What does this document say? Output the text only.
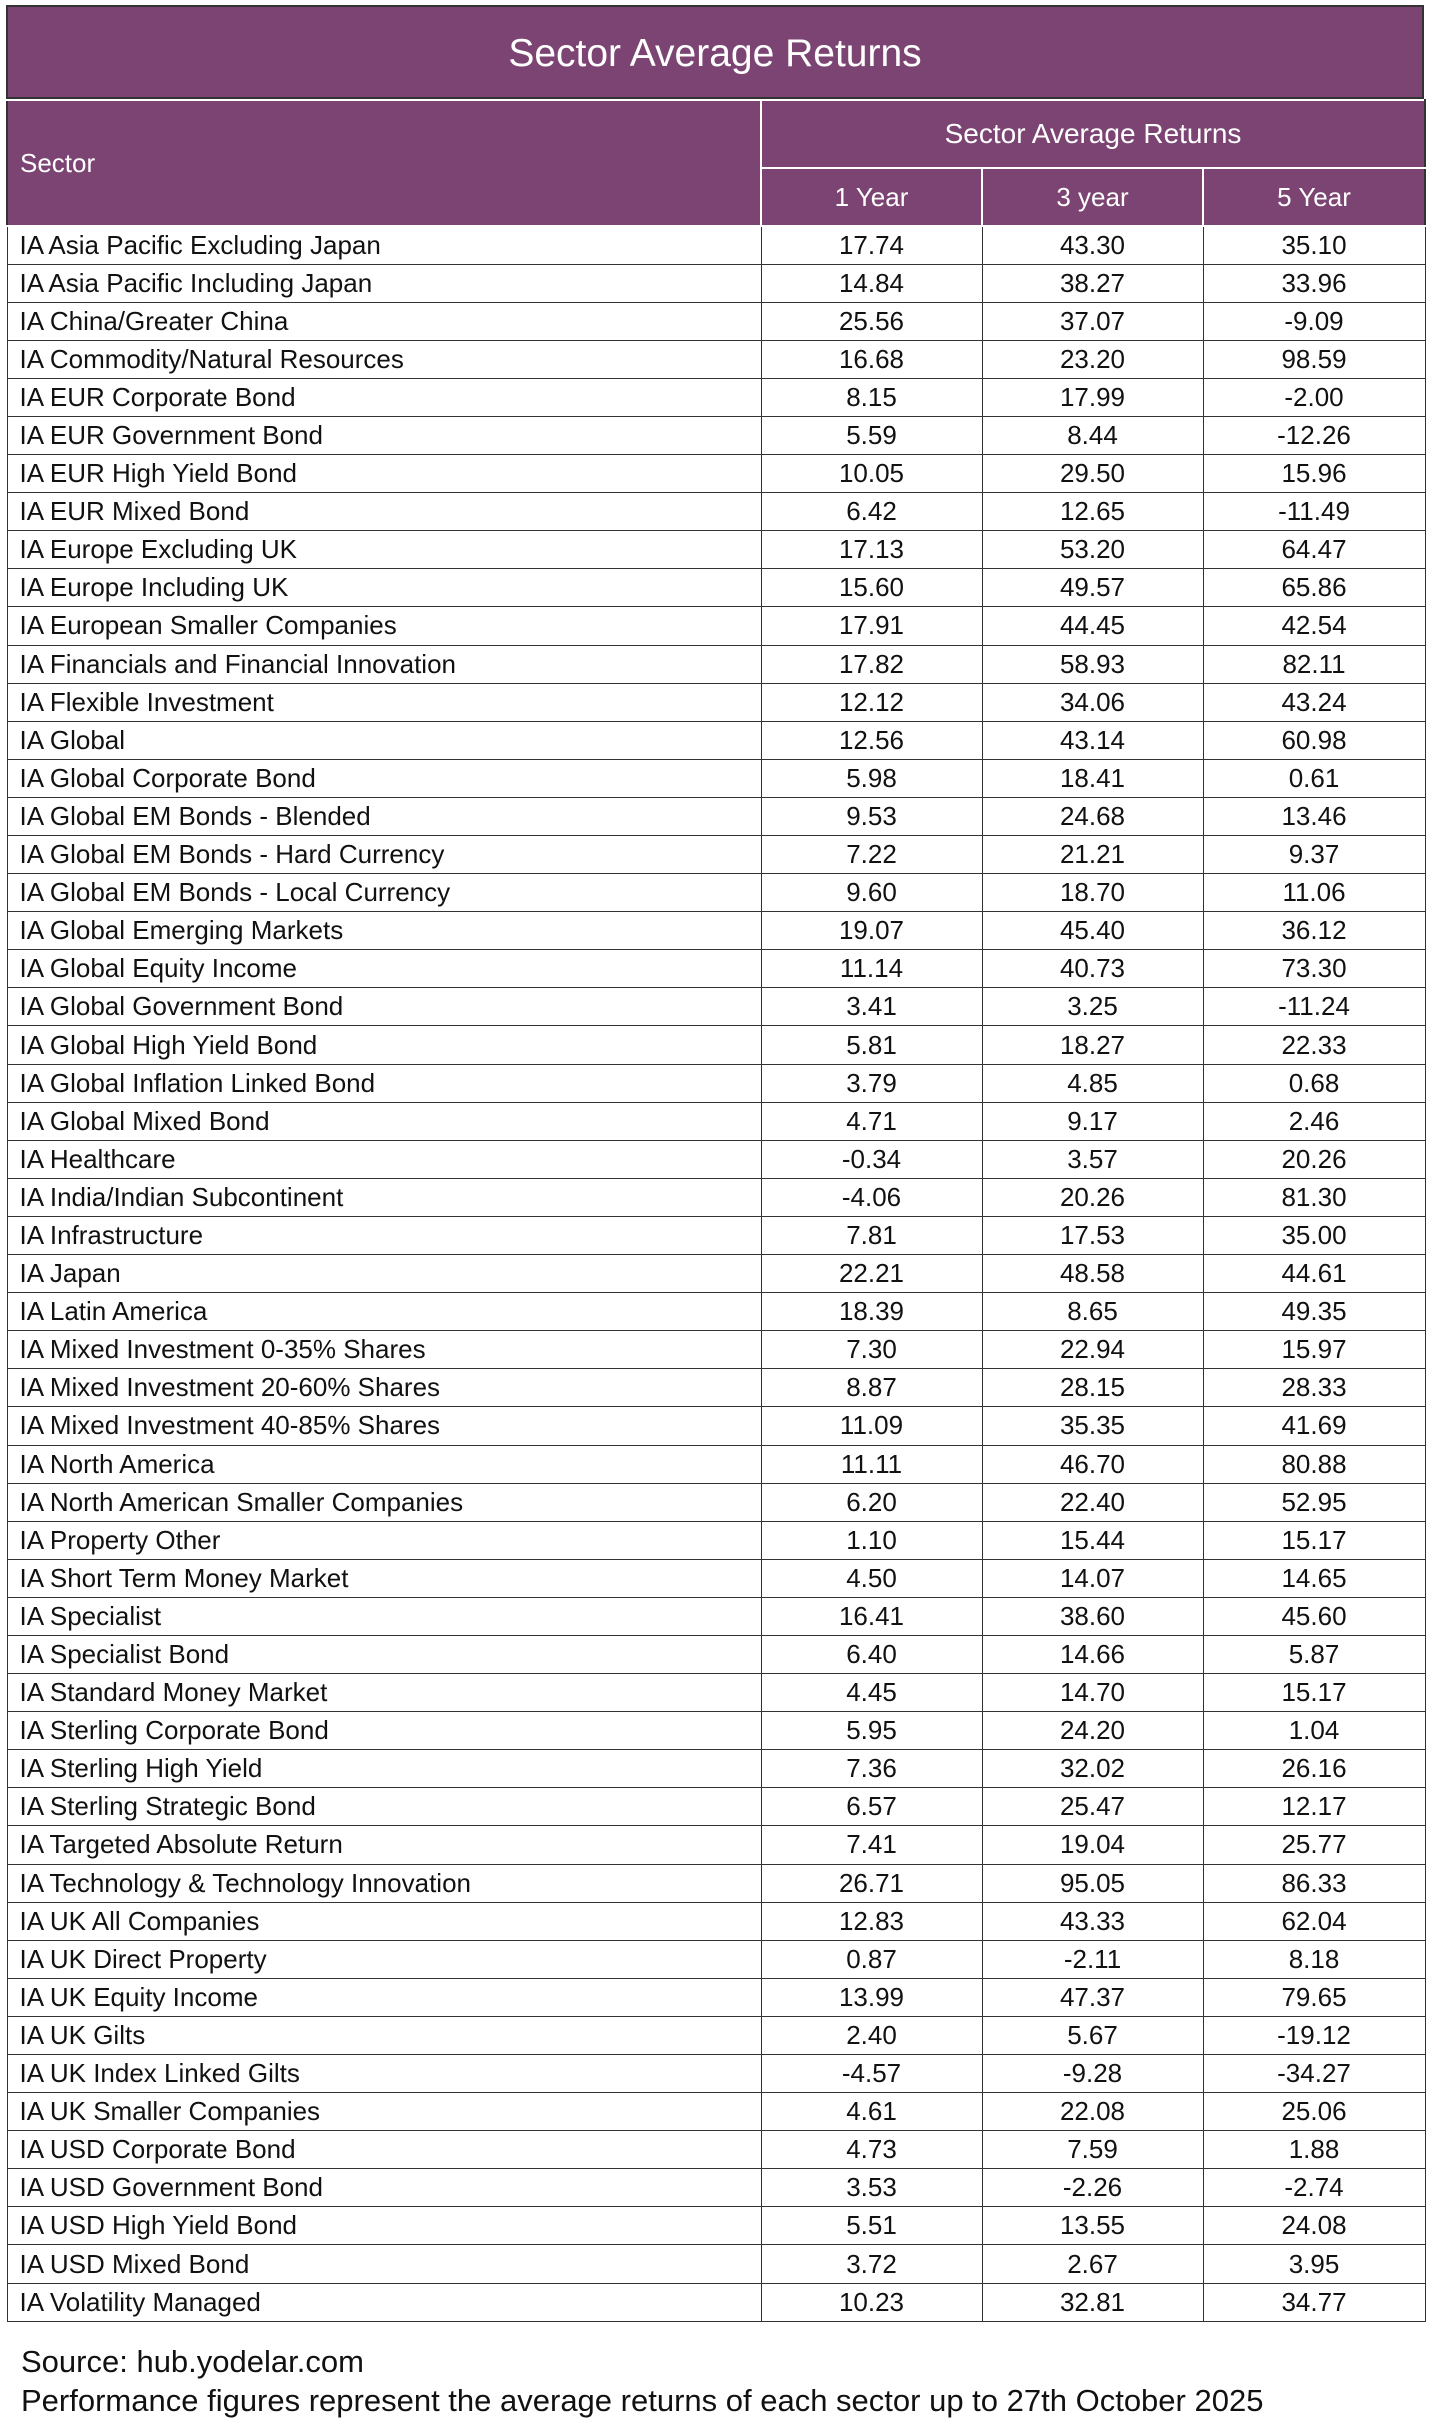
Sector Average Returns
Sector	Sector Average Returns		
	1 Year	3 year	5 Year
IA Asia Pacific Excluding Japan	17.74	43.30	35.10
IA Asia Pacific Including Japan	14.84	38.27	33.96
IA China/Greater China	25.56	37.07	-9.09
IA Commodity/Natural Resources	16.68	23.20	98.59
IA EUR Corporate Bond	8.15	17.99	-2.00
IA EUR Government Bond	5.59	8.44	-12.26
IA EUR High Yield Bond	10.05	29.50	15.96
IA EUR Mixed Bond	6.42	12.65	-11.49
IA Europe Excluding UK	17.13	53.20	64.47
IA Europe Including UK	15.60	49.57	65.86
IA European Smaller Companies	17.91	44.45	42.54
IA Financials and Financial Innovation	17.82	58.93	82.11
IA Flexible Investment	12.12	34.06	43.24
IA Global	12.56	43.14	60.98
IA Global Corporate Bond	5.98	18.41	0.61
IA Global EM Bonds - Blended	9.53	24.68	13.46
IA Global EM Bonds - Hard Currency	7.22	21.21	9.37
IA Global EM Bonds - Local Currency	9.60	18.70	11.06
IA Global Emerging Markets	19.07	45.40	36.12
IA Global Equity Income	11.14	40.73	73.30
IA Global Government Bond	3.41	3.25	-11.24
IA Global High Yield Bond	5.81	18.27	22.33
IA Global Inflation Linked Bond	3.79	4.85	0.68
IA Global Mixed Bond	4.71	9.17	2.46
IA Healthcare	-0.34	3.57	20.26
IA India/Indian Subcontinent	-4.06	20.26	81.30
IA Infrastructure	7.81	17.53	35.00
IA Japan	22.21	48.58	44.61
IA Latin America	18.39	8.65	49.35
IA Mixed Investment 0-35% Shares	7.30	22.94	15.97
IA Mixed Investment 20-60% Shares	8.87	28.15	28.33
IA Mixed Investment 40-85% Shares	11.09	35.35	41.69
IA North America	11.11	46.70	80.88
IA North American Smaller Companies	6.20	22.40	52.95
IA Property Other	1.10	15.44	15.17
IA Short Term Money Market	4.50	14.07	14.65
IA Specialist	16.41	38.60	45.60
IA Specialist Bond	6.40	14.66	5.87
IA Standard Money Market	4.45	14.70	15.17
IA Sterling Corporate Bond	5.95	24.20	1.04
IA Sterling High Yield	7.36	32.02	26.16
IA Sterling Strategic Bond	6.57	25.47	12.17
IA Targeted Absolute Return	7.41	19.04	25.77
IA Technology & Technology Innovation	26.71	95.05	86.33
IA UK All Companies	12.83	43.33	62.04
IA UK Direct Property	0.87	-2.11	8.18
IA UK Equity Income	13.99	47.37	79.65
IA UK Gilts	2.40	5.67	-19.12
IA UK Index Linked Gilts	-4.57	-9.28	-34.27
IA UK Smaller Companies	4.61	22.08	25.06
IA USD Corporate Bond	4.73	7.59	1.88
IA USD Government Bond	3.53	-2.26	-2.74
IA USD High Yield Bond	5.51	13.55	24.08
IA USD Mixed Bond	3.72	2.67	3.95
IA Volatility Managed	10.23	32.81	34.77
Source: hub.yodelar.com
Performance figures represent the average returns of each sector up to 27th October 2025
